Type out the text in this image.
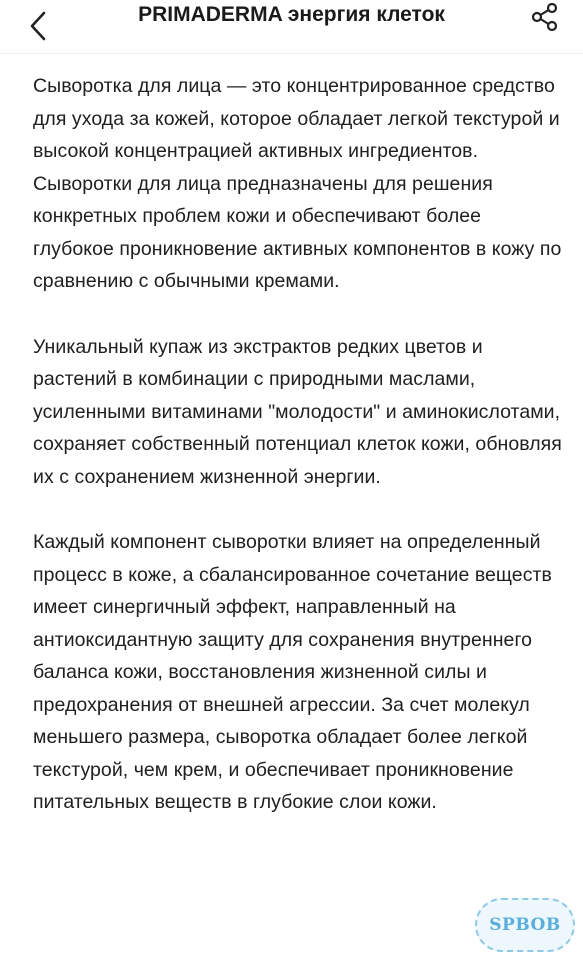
PRIMADERMA энергия клеток

Сыворотка для лица — это концентрированное средство для ухода за кожей, которое обладает легкой текстурой и высокой концентрацией активных ингредиентов. Сыворотки для лица предназначены для решения конкретных проблем кожи и обеспечивают более глубокое проникновение активных компонентов в кожу по сравнению с обычными кремами.

Уникальный купаж из экстрактов редких цветов и растений в комбинации с природными маслами, усиленными витаминами "молодости" и аминокислотами, сохраняет собственный потенциал клеток кожи, обновляя их с сохранением жизненной энергии.

Каждый компонент сыворотки влияет на определенный процесс в коже, а сбалансированное сочетание веществ имеет синергичный эффект, направленный на антиоксидантную защиту для сохранения внутреннего баланса кожи, восстановления жизненной силы и предохранения от внешней агрессии. За счет молекул меньшего размера, сыворотка обладает более легкой текстурой, чем крем, и обеспечивает проникновение питательных веществ в глубокие слои кожи.

SPBOB
